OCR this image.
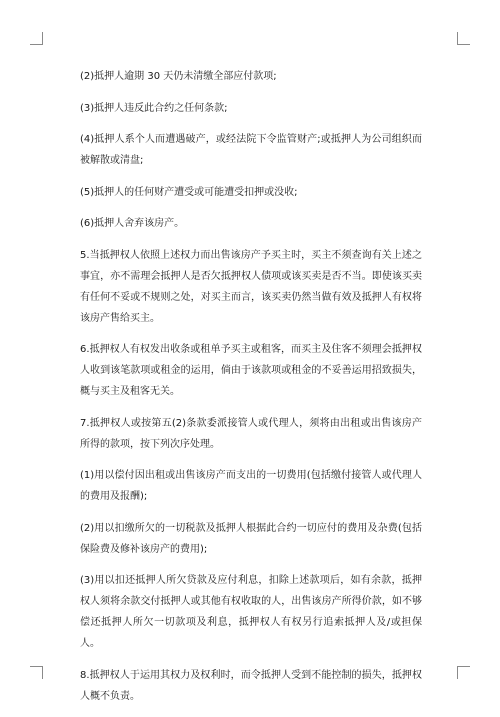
(2)抵押人逾期 30 天仍未清缴全部应付款项;

(3)抵押人违反此合约之任何条款;

(4)抵押人系个人而遭遇破产，或经法院下令监管财产;或抵押人为公司组织而被解散或清盘;

(5)抵押人的任何财产遭受或可能遭受扣押或没收;

(6)抵押人舍弃该房产。

5.当抵押权人依照上述权力而出售该房产予买主时，买主不须查询有关上述之事宜，亦不需理会抵押人是否欠抵押权人债项或该买卖是否不当。即使该买卖有任何不妥或不规则之处，对买主而言，该买卖仍然当做有效及抵押人有权将该房产售给买主。

6.抵押权人有权发出收条或租单予买主或租客，而买主及住客不须理会抵押权人收到该笔款项或租金的运用，倘由于该款项或租金的不妥善运用招致损失，概与买主及租客无关。

7.抵押权人或按第五(2)条款委派接管人或代理人，须将由出租或出售该房产所得的款项，按下列次序处理。

(1)用以偿付因出租或出售该房产而支出的一切费用(包括缴付接管人或代理人的费用及报酬);

(2)用以扣缴所欠的一切税款及抵押人根据此合约一切应付的费用及杂费(包括保险费及修补该房产的费用);

(3)用以扣还抵押人所欠贷款及应付利息，扣除上述款项后，如有余款，抵押权人须将余款交付抵押人或其他有权收取的人，出售该房产所得价款，如不够偿还抵押人所欠一切款项及利息，抵押权人有权另行追索抵押人及/或担保人。

8.抵押权人于运用其权力及权利时，而令抵押人受到不能控制的损失，抵押权人概不负责。
